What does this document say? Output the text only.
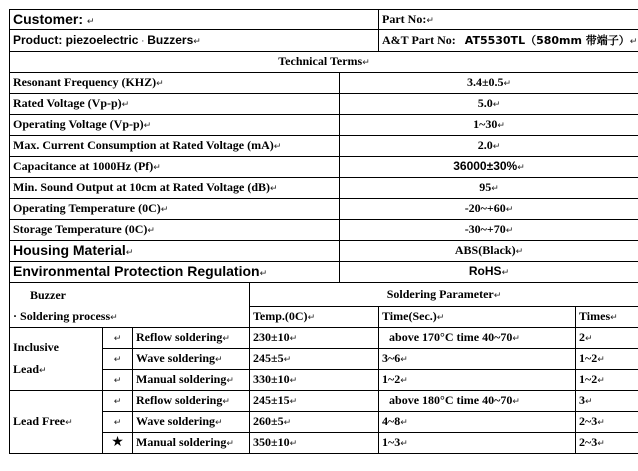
Customer: ↵					Part No:↵	
Product: piezoelectric · Buzzers↵					A&T Part No: AT5530TL（580mm 带端子）↵	
Technical Terms↵						
Resonant Frequency (KHZ)↵				3.4±0.5↵		
Rated Voltage (Vp-p)↵				5.0↵		
Operating Voltage (Vp-p)↵				1~30↵		
Max. Current Consumption at Rated Voltage (mA)↵				2.0↵		
Capacitance at 1000Hz (Pf)↵				36000±30%↵		
Min. Sound Output at 10cm at Rated Voltage (dB)↵				95↵		
Operating Temperature (0C)↵				-20~+60↵		
Storage Temperature (0C)↵				-30~+70↵		
Housing Material↵				ABS(Black)↵		
Environmental Protection Regulation↵				RoHS↵		
Buzzer			Soldering Parameter↵			
· Soldering process↵			Temp.(0C)↵		Time(Sec.)↵	Times↵
Inclusive
Lead↵	↵	Reflow soldering↵	230±10↵		above 170°C time 40~70↵	2↵
	↵	Wave soldering↵	245±5↵		3~6↵	1~2↵
	↵	Manual soldering↵	330±10↵		1~2↵	1~2↵
Lead Free↵	↵	Reflow soldering↵	245±15↵		above 180°C time 40~70↵	3↵
	↵	Wave soldering↵	260±5↵		4~8↵	2~3↵
	★	Manual soldering↵	350±10↵		1~3↵	2~3↵
